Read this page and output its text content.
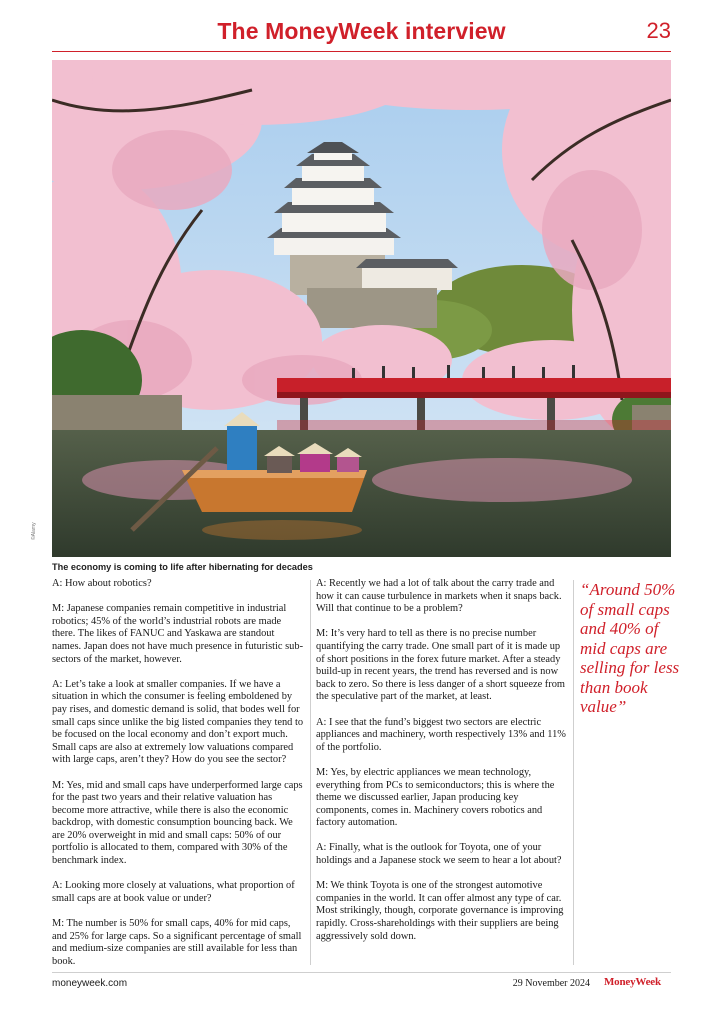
The MoneyWeek interview	23
©Alamy
The economy is coming to life after hibernating for decades

A: How about robotics?

M: Japanese companies remain competitive in industrial robotics; 45% of the world’s industrial robots are made there. The likes of FANUC and Yaskawa are standout names. Japan does not have much presence in futuristic sub-sectors of the market, however.

A: Let’s take a look at smaller companies. If we have a situation in which the consumer is feeling emboldened by pay rises, and domestic demand is solid, that bodes well for small caps since unlike the big listed companies they tend to be focused on the local economy and don’t export much. Small caps are also at extremely low valuations compared with large caps, aren’t they? How do you see the sector?

M: Yes, mid and small caps have underperformed large caps for the past two years and their relative valuation has become more attractive, while there is also the economic backdrop, with domestic consumption bouncing back. We are 20% overweight in mid and small caps: 50% of our portfolio is allocated to them, compared with 30% of the benchmark index.

A: Looking more closely at valuations, what proportion of small caps are at book value or under?

M: The number is 50% for small caps, 40% for mid caps, and 25% for large caps. So a significant percentage of small and medium-size companies are still available for less than book.

A: Recently we had a lot of talk about the carry trade and how it can cause turbulence in markets when it snaps back. Will that continue to be a problem?

M: It’s very hard to tell as there is no precise number quantifying the carry trade. One small part of it is made up of short positions in the forex future market. After a steady build-up in recent years, the trend has reversed and is now back to zero. So there is less danger of a short squeeze from the speculative part of the market, at least.

A: I see that the fund’s biggest two sectors are electric appliances and machinery, worth respectively 13% and 11% of the portfolio.

M: Yes, by electric appliances we mean technology, everything from PCs to semiconductors; this is where the theme we discussed earlier, Japan producing key components, comes in. Machinery covers robotics and factory automation.

A: Finally, what is the outlook for Toyota, one of your holdings and a Japanese stock we seem to hear a lot about?

M: We think Toyota is one of the strongest automotive companies in the world. It can offer almost any type of car. Most strikingly, though, corporate governance is improving rapidly. Cross-shareholdings with their suppliers are being aggressively sold down.

“Around 50% of small caps and 40% of mid caps are selling for less than book value”
moneyweek.com	29 November 2024 MoneyWeek
